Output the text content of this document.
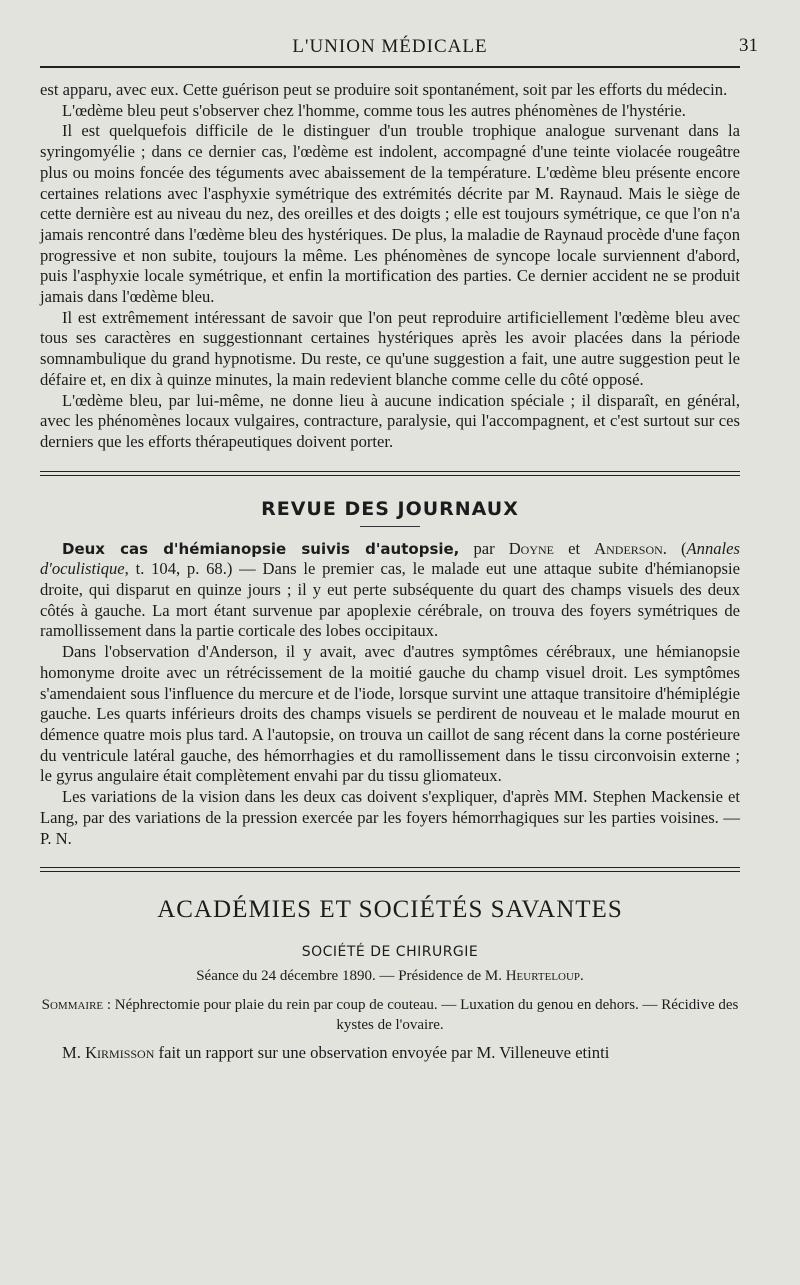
L'UNION MÉDICALE	31

est apparu, avec eux. Cette guérison peut se produire soit spontanément, soit par les efforts du médecin.

L'œdème bleu peut s'observer chez l'homme, comme tous les autres phénomènes de l'hystérie.

Il est quelquefois difficile de le distinguer d'un trouble trophique analogue survenant dans la syringomyélie ; dans ce dernier cas, l'œdème est indolent, accompagné d'une teinte violacée rougeâtre plus ou moins foncée des téguments avec abaissement de la température. L'œdème bleu présente encore certaines relations avec l'asphyxie symétrique des extrémités décrite par M. Raynaud. Mais le siège de cette dernière est au niveau du nez, des oreilles et des doigts ; elle est toujours symétrique, ce que l'on n'a jamais rencontré dans l'œdème bleu des hystériques. De plus, la maladie de Raynaud procède d'une façon progressive et non subite, toujours la même. Les phénomènes de syncope locale surviennent d'abord, puis l'asphyxie locale symétrique, et enfin la mortification des parties. Ce dernier accident ne se produit jamais dans l'œdème bleu.

Il est extrêmement intéressant de savoir que l'on peut reproduire artificiellement l'œdème bleu avec tous ses caractères en suggestionnant certaines hystériques après les avoir placées dans la période somnambulique du grand hypnotisme. Du reste, ce qu'une suggestion a fait, une autre suggestion peut le défaire et, en dix à quinze minutes, la main redevient blanche comme celle du côté opposé.

L'œdème bleu, par lui-même, ne donne lieu à aucune indication spéciale ; il disparaît, en général, avec les phénomènes locaux vulgaires, contracture, paralysie, qui l'accompagnent, et c'est surtout sur ces derniers que les efforts thérapeutiques doivent porter.

REVUE DES JOURNAUX

Deux cas d'hémianopsie suivis d'autopsie, par Doyne et Anderson. (Annales d'oculistique, t. 104, p. 68.) — Dans le premier cas, le malade eut une attaque subite d'hémianopsie droite, qui disparut en quinze jours ; il y eut perte subséquente du quart des champs visuels des deux côtés à gauche. La mort étant survenue par apoplexie cérébrale, on trouva des foyers symétriques de ramollissement dans la partie corticale des lobes occipitaux.

Dans l'observation d'Anderson, il y avait, avec d'autres symptômes cérébraux, une hémianopsie homonyme droite avec un rétrécissement de la moitié gauche du champ visuel droit. Les symptômes s'amendaient sous l'influence du mercure et de l'iode, lorsque survint une attaque transitoire d'hémiplégie gauche. Les quarts inférieurs droits des champs visuels se perdirent de nouveau et le malade mourut en démence quatre mois plus tard. A l'autopsie, on trouva un caillot de sang récent dans la corne postérieure du ventricule latéral gauche, des hémorrhagies et du ramollissement dans le tissu circonvoisin externe ; le gyrus angulaire était complètement envahi par du tissu gliomateux.

Les variations de la vision dans les deux cas doivent s'expliquer, d'après MM. Stephen Mackensie et Lang, par des variations de la pression exercée par les foyers hémorrhagiques sur les parties voisines. — P. N.

ACADÉMIES ET SOCIÉTÉS SAVANTES
SOCIÉTÉ DE CHIRURGIE
Séance du 24 décembre 1890. — Présidence de M. Heurteloup.

Sommaire : Néphrectomie pour plaie du rein par coup de couteau. — Luxation du genou en dehors. — Récidive des kystes de l'ovaire.

M. Kirmisson fait un rapport sur une observation envoyée par M. Villeneuve etinti
